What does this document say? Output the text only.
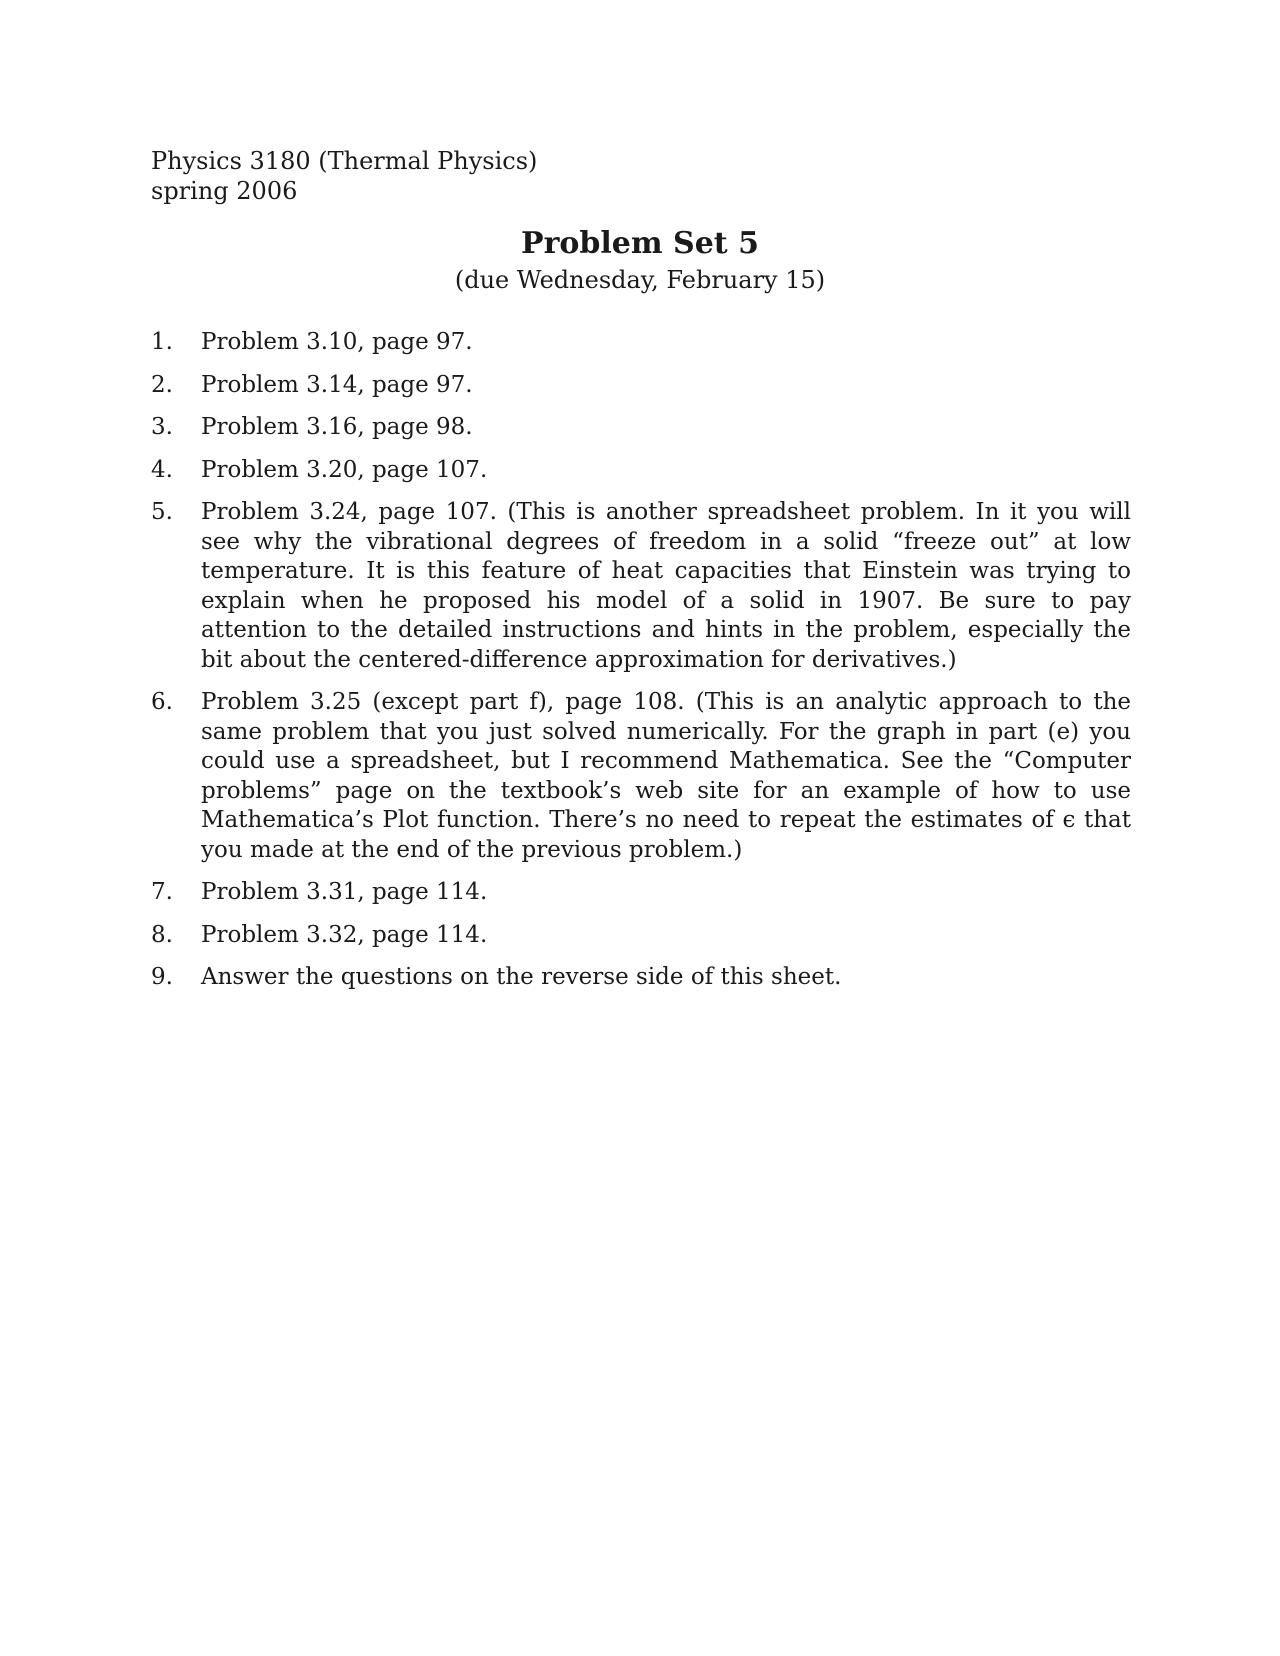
Physics 3180 (Thermal Physics)
spring 2006
Problem Set 5
(due Wednesday, February 15)
1.	Problem 3.10, page 97.
2.	Problem 3.14, page 97.
3.	Problem 3.16, page 98.
4.	Problem 3.20, page 107.
5.	Problem 3.24, page 107. (This is another spreadsheet problem. In it you will see why the vibrational degrees of freedom in a solid “freeze out” at low temperature. It is this feature of heat capacities that Einstein was trying to explain when he proposed his model of a solid in 1907. Be sure to pay attention to the detailed instructions and hints in the problem, especially the bit about the centered-difference approximation for derivatives.)
6.	Problem 3.25 (except part f), page 108. (This is an analytic approach to the same problem that you just solved numerically. For the graph in part (e) you could use a spreadsheet, but I recommend Mathematica. See the “Computer problems” page on the textbook’s web site for an example of how to use Mathematica’s Plot function. There’s no need to repeat the estimates of ϵ that you made at the end of the previous problem.)
7.	Problem 3.31, page 114.
8.	Problem 3.32, page 114.
9.	Answer the questions on the reverse side of this sheet.
